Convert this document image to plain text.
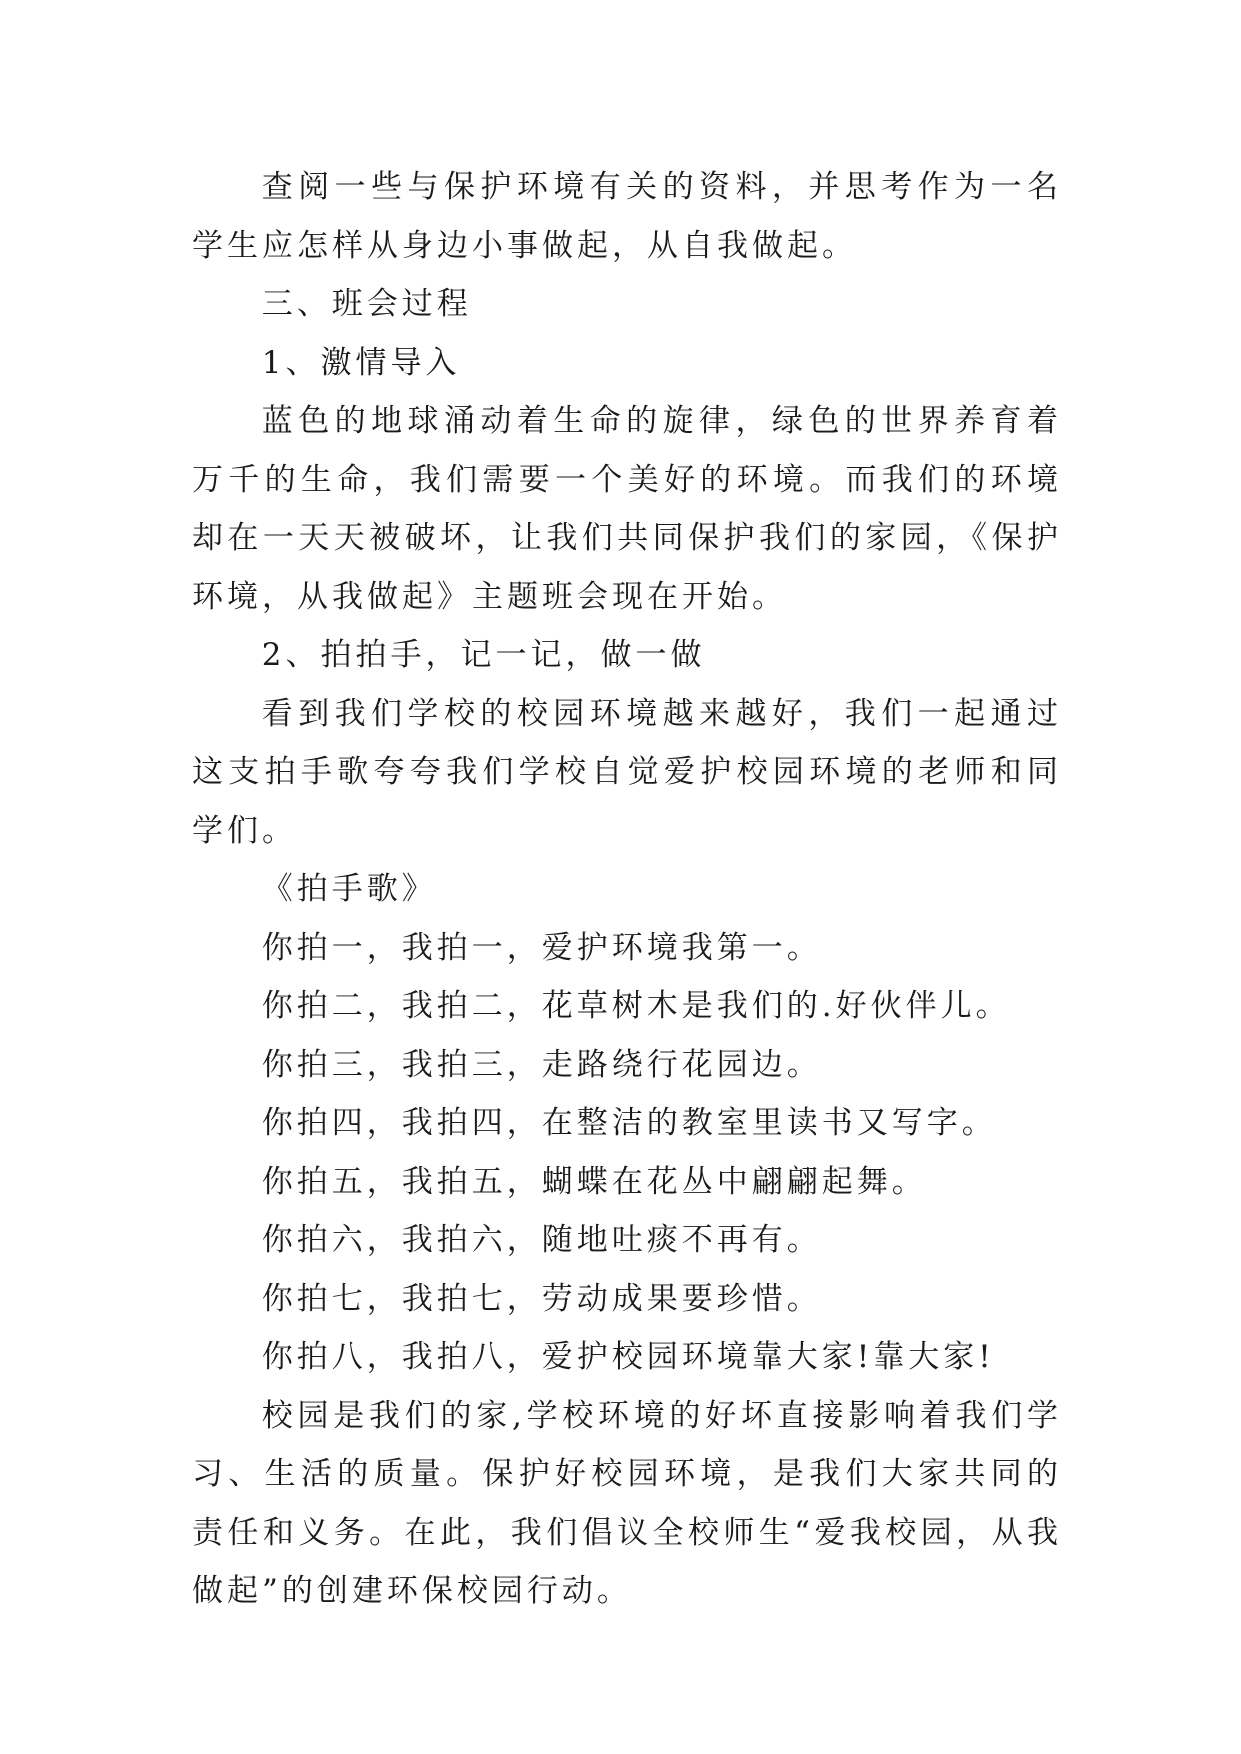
查阅一些与保护环境有关的资料，并思考作为一名学生应怎样从身边小事做起，从自我做起。

三、班会过程

1、激情导入

蓝色的地球涌动着生命的旋律，绿色的世界养育着万千的生命，我们需要一个美好的环境。而我们的环境却在一天天被破坏，让我们共同保护我们的家园，《保护环境，从我做起》主题班会现在开始。

2、拍拍手，记一记，做一做

看到我们学校的校园环境越来越好，我们一起通过这支拍手歌夸夸我们学校自觉爱护校园环境的老师和同学们。

《拍手歌》

你拍一，我拍一，爱护环境我第一。

你拍二，我拍二，花草树木是我们的.好伙伴儿。

你拍三，我拍三，走路绕行花园边。

你拍四，我拍四，在整洁的教室里读书又写字。

你拍五，我拍五，蝴蝶在花丛中翩翩起舞。

你拍六，我拍六，随地吐痰不再有。

你拍七，我拍七，劳动成果要珍惜。

你拍八，我拍八，爱护校园环境靠大家!靠大家!

校园是我们的家,学校环境的好坏直接影响着我们学习、生活的质量。保护好校园环境，是我们大家共同的责任和义务。在此，我们倡议全校师生“爱我校园，从我做起”的创建环保校园行动。
